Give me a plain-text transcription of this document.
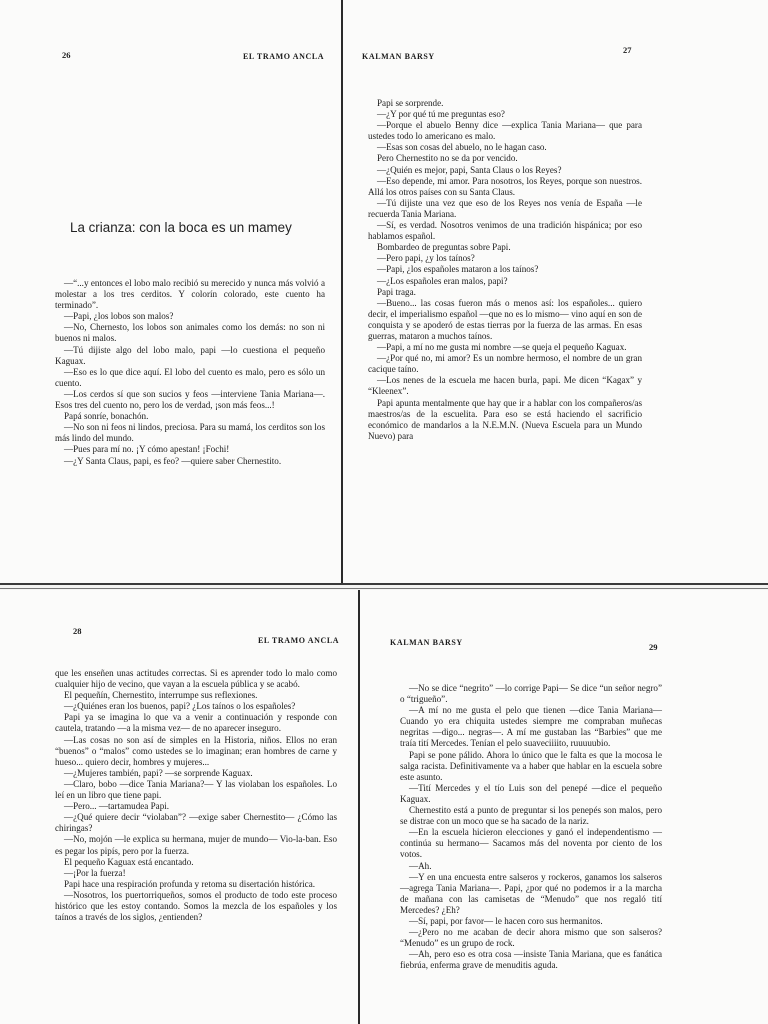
26	EL TRAMO ANCLA
La crianza: con la boca es un mamey

—“...y entonces el lobo malo recibió su merecido y nunca más volvió a molestar a los tres cerditos. Y colorín colorado, este cuento ha terminado”.

—Papi, ¿los lobos son malos?

—No, Chernesto, los lobos son animales como los demás: no son ni buenos ni malos.

—Tú dijiste algo del lobo malo, papi —lo cuestiona el pequeño Kaguax.

—Eso es lo que dice aquí. El lobo del cuento es malo, pero es sólo un cuento.

—Los cerdos sí que son sucios y feos —interviene Tania Mariana—. Esos tres del cuento no, pero los de verdad, ¡son más feos...!

Papá sonríe, bonachón.

—No son ni feos ni lindos, preciosa. Para su mamá, los cerditos son los más lindo del mundo.

—Pues para mí no. ¡Y cómo apestan! ¡Fochi!

—¿Y Santa Claus, papi, es feo? —quiere saber Chernestito.

KALMAN BARSY
27

Papi se sorprende.

—¿Y por qué tú me preguntas eso?

—Porque el abuelo Benny dice —explica Tania Mariana— que para ustedes todo lo americano es malo.

—Esas son cosas del abuelo, no le hagan caso.

Pero Chernestito no se da por vencido.

—¿Quién es mejor, papi, Santa Claus o los Reyes?

—Eso depende, mi amor. Para nosotros, los Reyes, porque son nuestros. Allá los otros países con su Santa Claus.

—Tú dijiste una vez que eso de los Reyes nos venía de España —le recuerda Tania Mariana.

—Sí, es verdad. Nosotros venimos de una tradición hispánica; por eso hablamos español.

Bombardeo de preguntas sobre Papi.

—Pero papi, ¿y los taínos?

—Papi, ¿los españoles mataron a los taínos?

—¿Los españoles eran malos, papi?

Papi traga.

—Bueno... las cosas fueron más o menos así: los españoles... quiero decir, el imperialismo español —que no es lo mismo— vino aquí en son de conquista y se apoderó de estas tierras por la fuerza de las armas. En esas guerras, mataron a muchos taínos.

—Papi, a mí no me gusta mi nombre —se queja el pequeño Kaguax.

—¿Por qué no, mi amor? Es un nombre hermoso, el nombre de un gran cacique taíno.

—Los nenes de la escuela me hacen burla, papi. Me dicen “Kagax” y “Kleenex”.

Papi apunta mentalmente que hay que ir a hablar con los compañeros/as maestros/as de la escuelita. Para eso se está haciendo el sacrificio económico de mandarlos a la N.E.M.N. (Nueva Escuela para un Mundo Nuevo) para

28
EL TRAMO ANCLA

que les enseñen unas actitudes correctas. Si es aprender todo lo malo como cualquier hijo de vecino, que vayan a la escuela pública y se acabó.

El pequeñín, Chernestito, interrumpe sus reflexiones.

—¿Quiénes eran los buenos, papi? ¿Los taínos o los españoles?

Papi ya se imagina lo que va a venir a continuación y responde con cautela, tratando —a la misma vez— de no aparecer inseguro.

—Las cosas no son así de simples en la Historia, niños. Ellos no eran “buenos” o “malos” como ustedes se lo imaginan; eran hombres de carne y hueso... quiero decir, hombres y mujeres...

—¿Mujeres también, papi? —se sorprende Kaguax.

—Claro, bobo —dice Tania Mariana?— Y las violaban los españoles. Lo leí en un libro que tiene papi.

—Pero... —tartamudea Papi.

—¿Qué quiere decir “violaban”? —exige saber Chernestito— ¿Cómo las chiringas?

—No, mojón —le explica su hermana, mujer de mundo— Vio-la-ban. Eso es pegar los pipís, pero por la fuerza.

El pequeño Kaguax está encantado.

—¡Por la fuerza!

Papi hace una respiración profunda y retoma su disertación histórica.

—Nosotros, los puertorriqueños, somos el producto de todo este proceso histórico que les estoy contando. Somos la mezcla de los españoles y los taínos a través de los siglos, ¿entienden?

KALMAN BARSY	29

—No se dice “negrito” —lo corrige Papi— Se dice “un señor negro” o “trigueño”.

—A mí no me gusta el pelo que tienen —dice Tania Mariana— Cuando yo era chiquita ustedes siempre me compraban muñecas negritas —digo... negras—. A mí me gustaban las “Barbies” que me traía tití Mercedes. Tenían el pelo suaveciiiito, ruuuuubio.

Papi se pone pálido. Ahora lo único que le falta es que la mocosa le salga racista. Definitivamente va a haber que hablar en la escuela sobre este asunto.

—Tití Mercedes y el tío Luis son del penepé —dice el pequeño Kaguax.

Chernestito está a punto de preguntar si los penepés son malos, pero se distrae con un moco que se ha sacado de la nariz.

—En la escuela hicieron elecciones y ganó el independentismo —continúa su hermano— Sacamos más del noventa por ciento de los votos.

—Ah.

—Y en una encuesta entre salseros y rockeros, ganamos los salseros —agrega Tania Mariana—. Papi, ¿por qué no podemos ir a la marcha de mañana con las camisetas de “Menudo” que nos regaló tití Mercedes? ¿Eh?

—Sí, papi, por favor— le hacen coro sus hermanitos.

—¿Pero no me acaban de decir ahora mismo que son salseros? “Menudo” es un grupo de rock.

—Ah, pero eso es otra cosa —insiste Tania Mariana, que es fanática fiebrúa, enferma grave de menuditis aguda.
